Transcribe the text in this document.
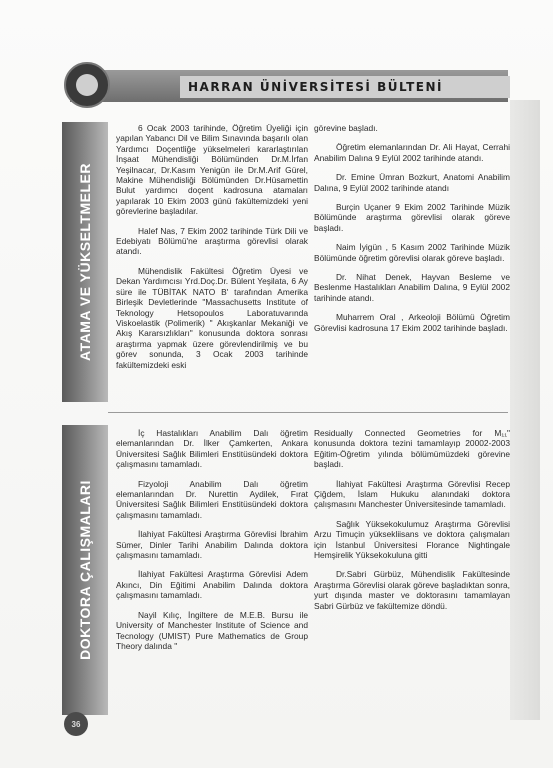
HARRAN ÜNİVERSİTESİ BÜLTENİ
ATAMA VE YÜKSELTMELER

6 Ocak 2003 tarihinde, Öğretim Üyeliği için yapılan Yabancı Dil ve Bilim Sınavında başarılı olan Yardımcı Doçentliğe yükselmeleri kararlaştırılan İnşaat Mühendisliği Bölümünden Dr.M.İrfan Yeşilnacar, Dr.Kasım Yenigün ile Dr.M.Arif Gürel, Makine Mühendisliği Bölümünden Dr.Hüsamettin Bulut yardımcı doçent kadrosuna atamaları yapılarak 10 Ekim 2003 günü fakültemizdeki yeni görevlerine başladılar.

Halef Nas, 7 Ekim 2002 tarihinde Türk Dili ve Edebiyatı Bölümü'ne araştırma görevlisi olarak atandı.

Mühendislik Fakültesi Öğretim Üyesi ve Dekan Yardımcısı Yrd.Doç.Dr. Bülent Yeşilata, 6 Ay süre ile TÜBİTAK NATO B' tarafından Amerika Birleşik Devletlerinde "Massachusetts Institute of Teknology Hetsopoulos Laboratuvarında Viskoelastik (Polimerik) " Akışkanlar Mekaniği ve Akış Kararsızlıkları" konusunda doktora sonrası araştırma yapmak üzere görevlendirilmiş ve bu görev sonunda, 3 Ocak 2003 tarihinde fakültemizdeki eski

görevine başladı.

Öğretim elemanlarından Dr. Ali Hayat, Cerrahi Anabilim Dalına 9 Eylül 2002 tarihinde atandı.

Dr. Emine Ümran Bozkurt, Anatomi Anabilim Dalına, 9 Eylül 2002 tarihinde atandı

Burçin Uçaner 9 Ekim 2002 Tarihinde Müzik Bölümünde araştırma görevlisi olarak göreve başladı.

Naim İyigün , 5 Kasım 2002 Tarihinde Müzik Bölümünde öğretim görevlisi olarak göreve başladı.

Dr. Nihat Denek, Hayvan Besleme ve Beslenme Hastalıkları Anabilim Dalına, 9 Eylül 2002 tarihinde atandı.

Muharrem Oral , Arkeoloji Bölümü Öğretim Görevlisi kadrosuna 17 Ekim 2002 tarihinde başladı.

DOKTORA ÇALIŞMALARI

İç Hastalıkları Anabilim Dalı öğretim elemanlarından Dr. İlker Çamkerten, Ankara Üniversitesi Sağlık Bilimleri Enstitüsündeki doktora çalışmasını tamamladı.

Fizyoloji Anabilim Dalı öğretim elemanlarından Dr. Nurettin Aydilek, Fırat Üniversitesi Sağlık Bilimleri Enstitüsündeki doktora çalışmasını tamamladı.

İlahiyat Fakültesi Araştırma Görevlisi İbrahim Sümer, Dinler Tarihi Anabilim Dalında doktora çalışmasını tamamladı.

İlahiyat Fakültesi Araştırma Görevlisi Adem Akıncı, Din Eğitimi Anabilim Dalında doktora çalışmasını tamamladı.

Nayil Kılıç, İngiltere de M.E.B. Bursu ile University of Manchester Institute of Science and Tecnology (UMIST) Pure Mathematics de Group Theory dalında "

Residually Connected Geometries for M₁₁" konusunda doktora tezini tamamlayıp 20002-2003 Eğitim-Öğretim yılında bölümümüzdeki görevine başladı.

İlahiyat Fakültesi Araştırma Görevlisi Recep Çiğdem, İslam Hukuku alanındaki doktora çalışmasını Manchester Üniversitesinde tamamladı.

Sağlık Yüksekokulumuz Araştırma Görevlisi Arzu Timuçin yüksekliisans ve doktora çalışmaları için İstanbul Üniversitesi Florance Nightingale Hemşirelik Yüksekokuluna gitti

Dr.Sabri Gürbüz, Mühendislik Fakültesinde Araştırma Görevlisi olarak göreve başladıktan sonra, yurt dışında master ve doktorasını tamamlayan Sabri Gürbüz ve fakültemize döndü.

36
